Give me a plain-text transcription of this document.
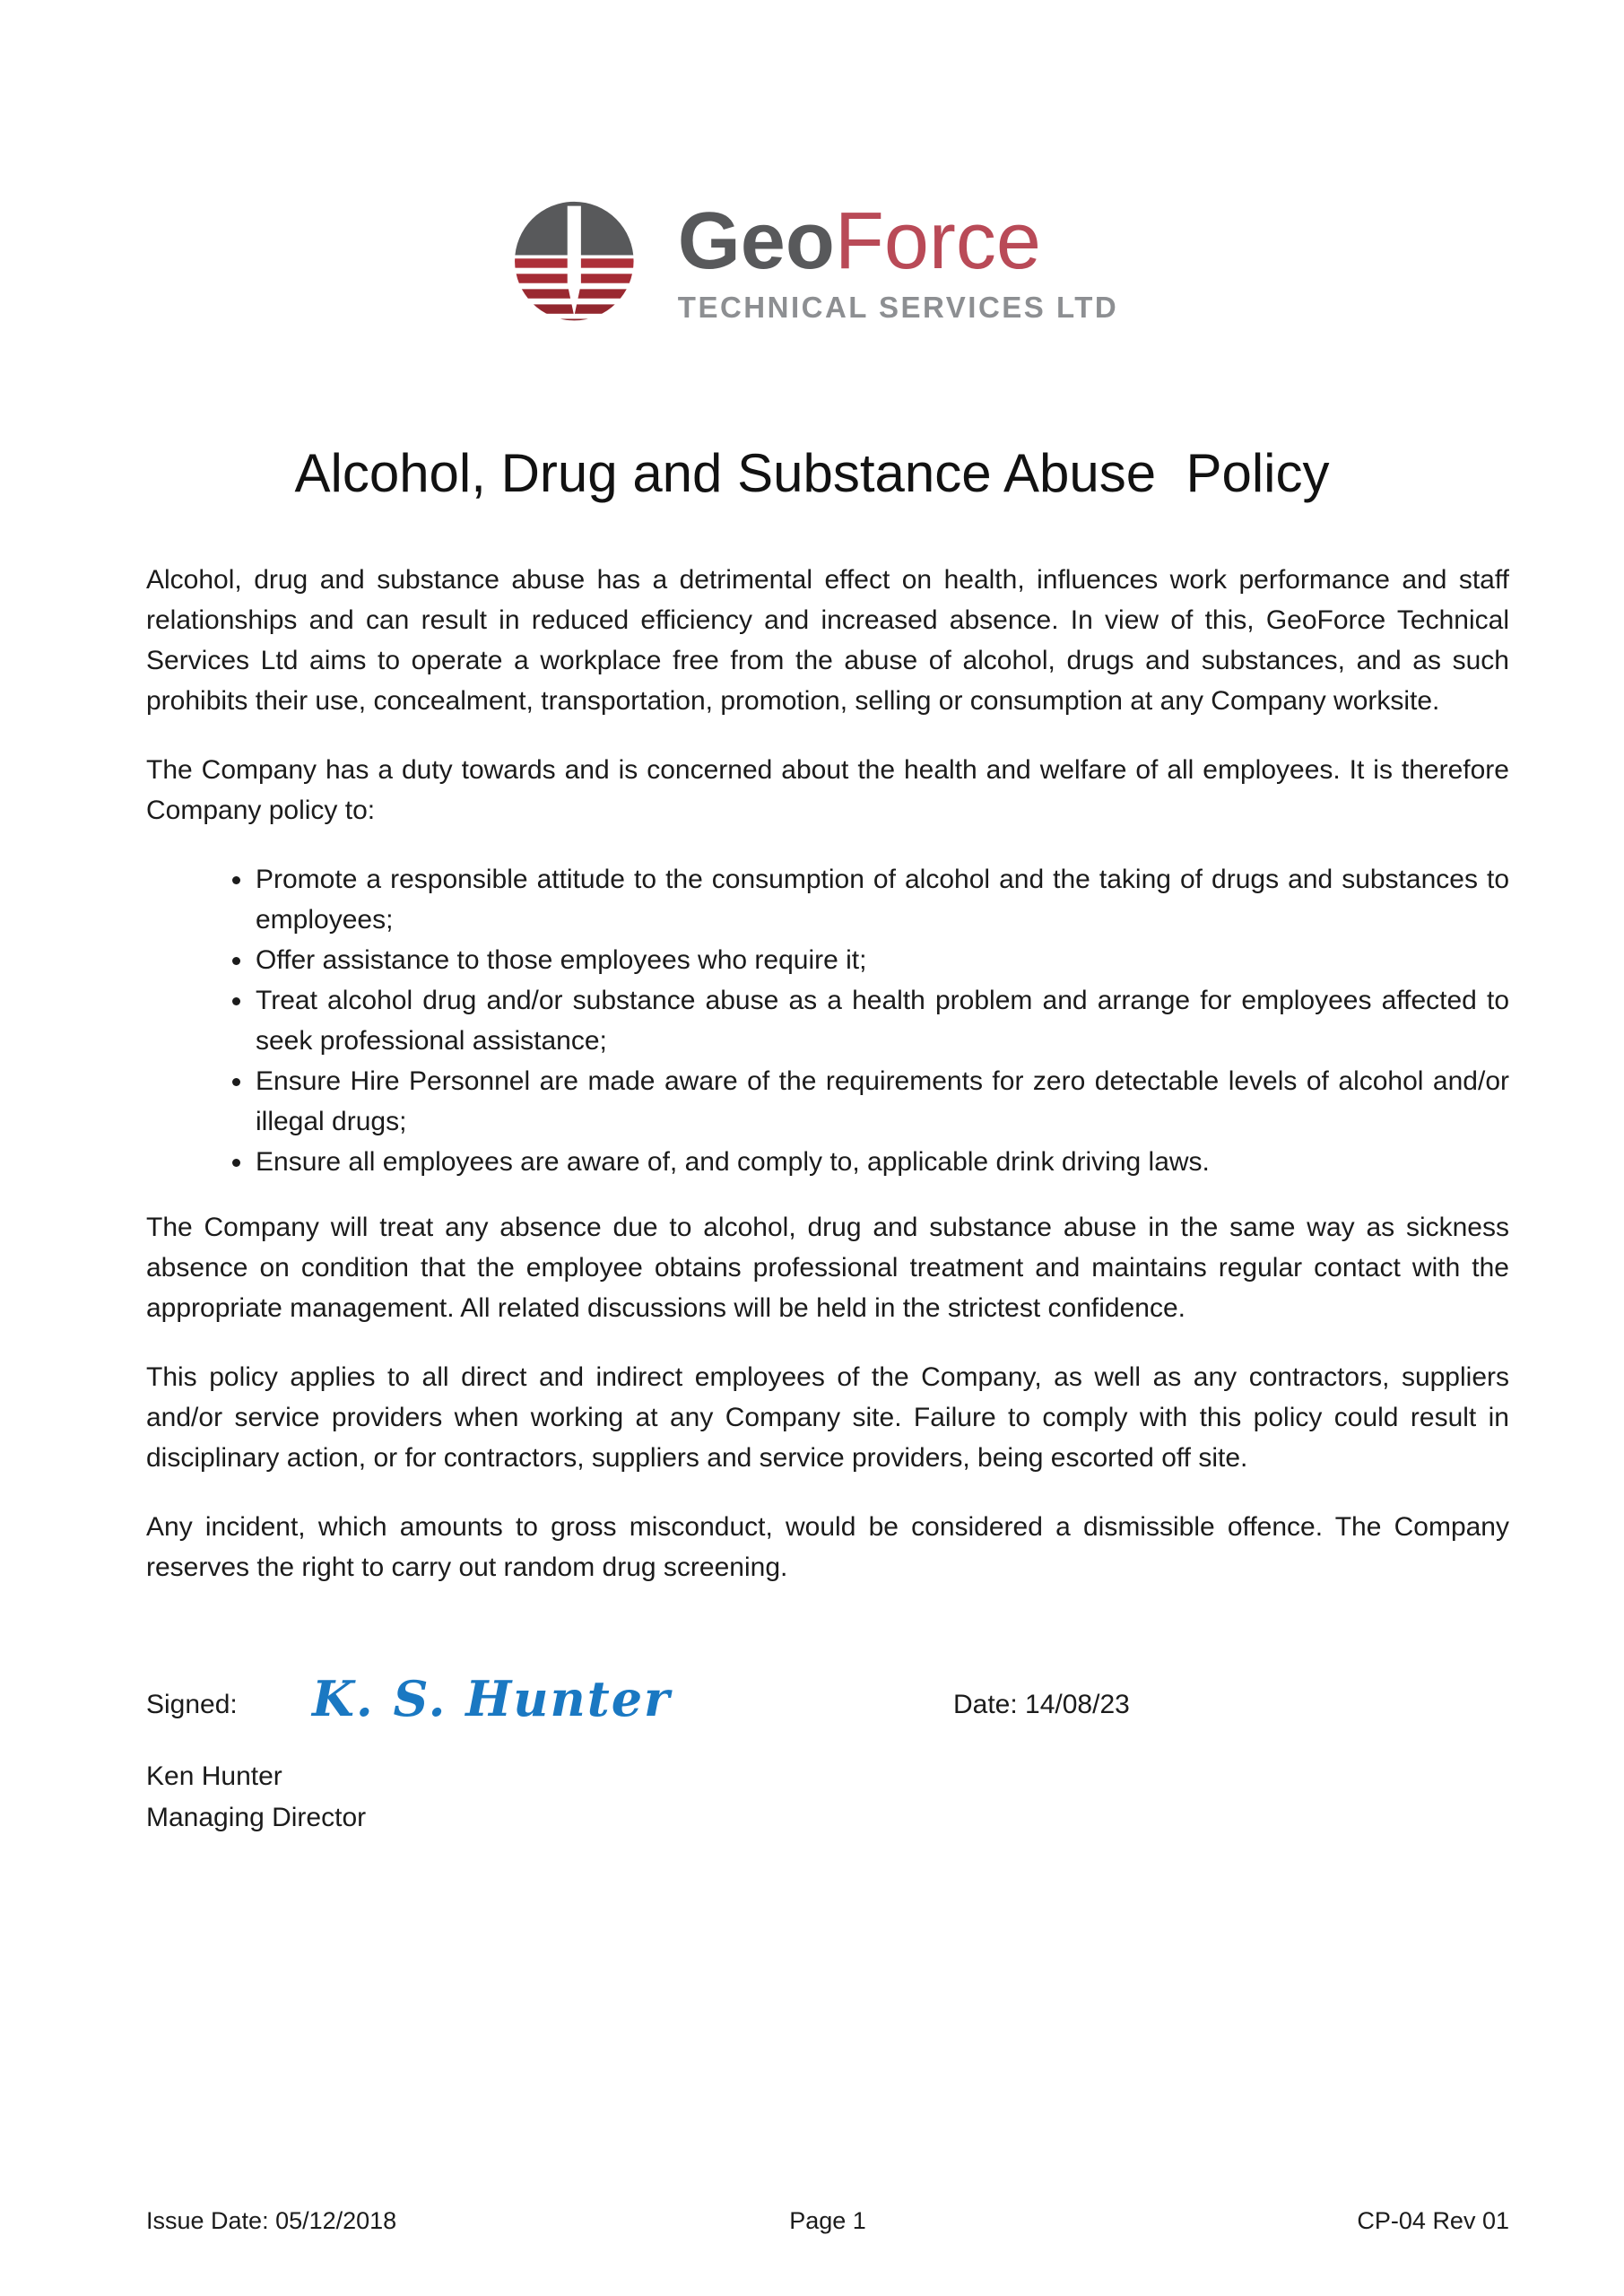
GeoForce
TECHNICAL SERVICES LTD
Alcohol, Drug and Substance Abuse  Policy

Alcohol, drug and substance abuse has a detrimental effect on health, influences work performance and staff relationships and can result in reduced efficiency and increased absence. In view of this, GeoForce Technical Services Ltd aims to operate a workplace free from the abuse of alcohol, drugs and substances, and as such prohibits their use, concealment, transportation, promotion, selling or consumption at any Company worksite.

The Company has a duty towards and is concerned about the health and welfare of all employees. It is therefore Company policy to:

• Promote a responsible attitude to the consumption of alcohol and the taking of drugs and substances to employees;
• Offer assistance to those employees who require it;
• Treat alcohol drug and/or substance abuse as a health problem and arrange for employees affected to seek professional assistance;
• Ensure Hire Personnel are made aware of the requirements for zero detectable levels of alcohol and/or illegal drugs;
• Ensure all employees are aware of, and comply to, applicable drink driving laws.

The Company will treat any absence due to alcohol, drug and substance abuse in the same way as sickness absence on condition that the employee obtains professional treatment and maintains regular contact with the appropriate management. All related discussions will be held in the strictest confidence.

This policy applies to all direct and indirect employees of the Company, as well as any contractors, suppliers and/or service providers when working at any Company site. Failure to comply with this policy could result in disciplinary action, or for contractors, suppliers and service providers, being escorted off site.

Any incident, which amounts to gross misconduct, would be considered a dismissible offence. The Company reserves the right to carry out random drug screening.

Signed: K. S. Hunter	Date: 14/08/23
Ken Hunter
Managing Director
Issue Date: 05/12/2018	Page 1	CP-04 Rev 01
